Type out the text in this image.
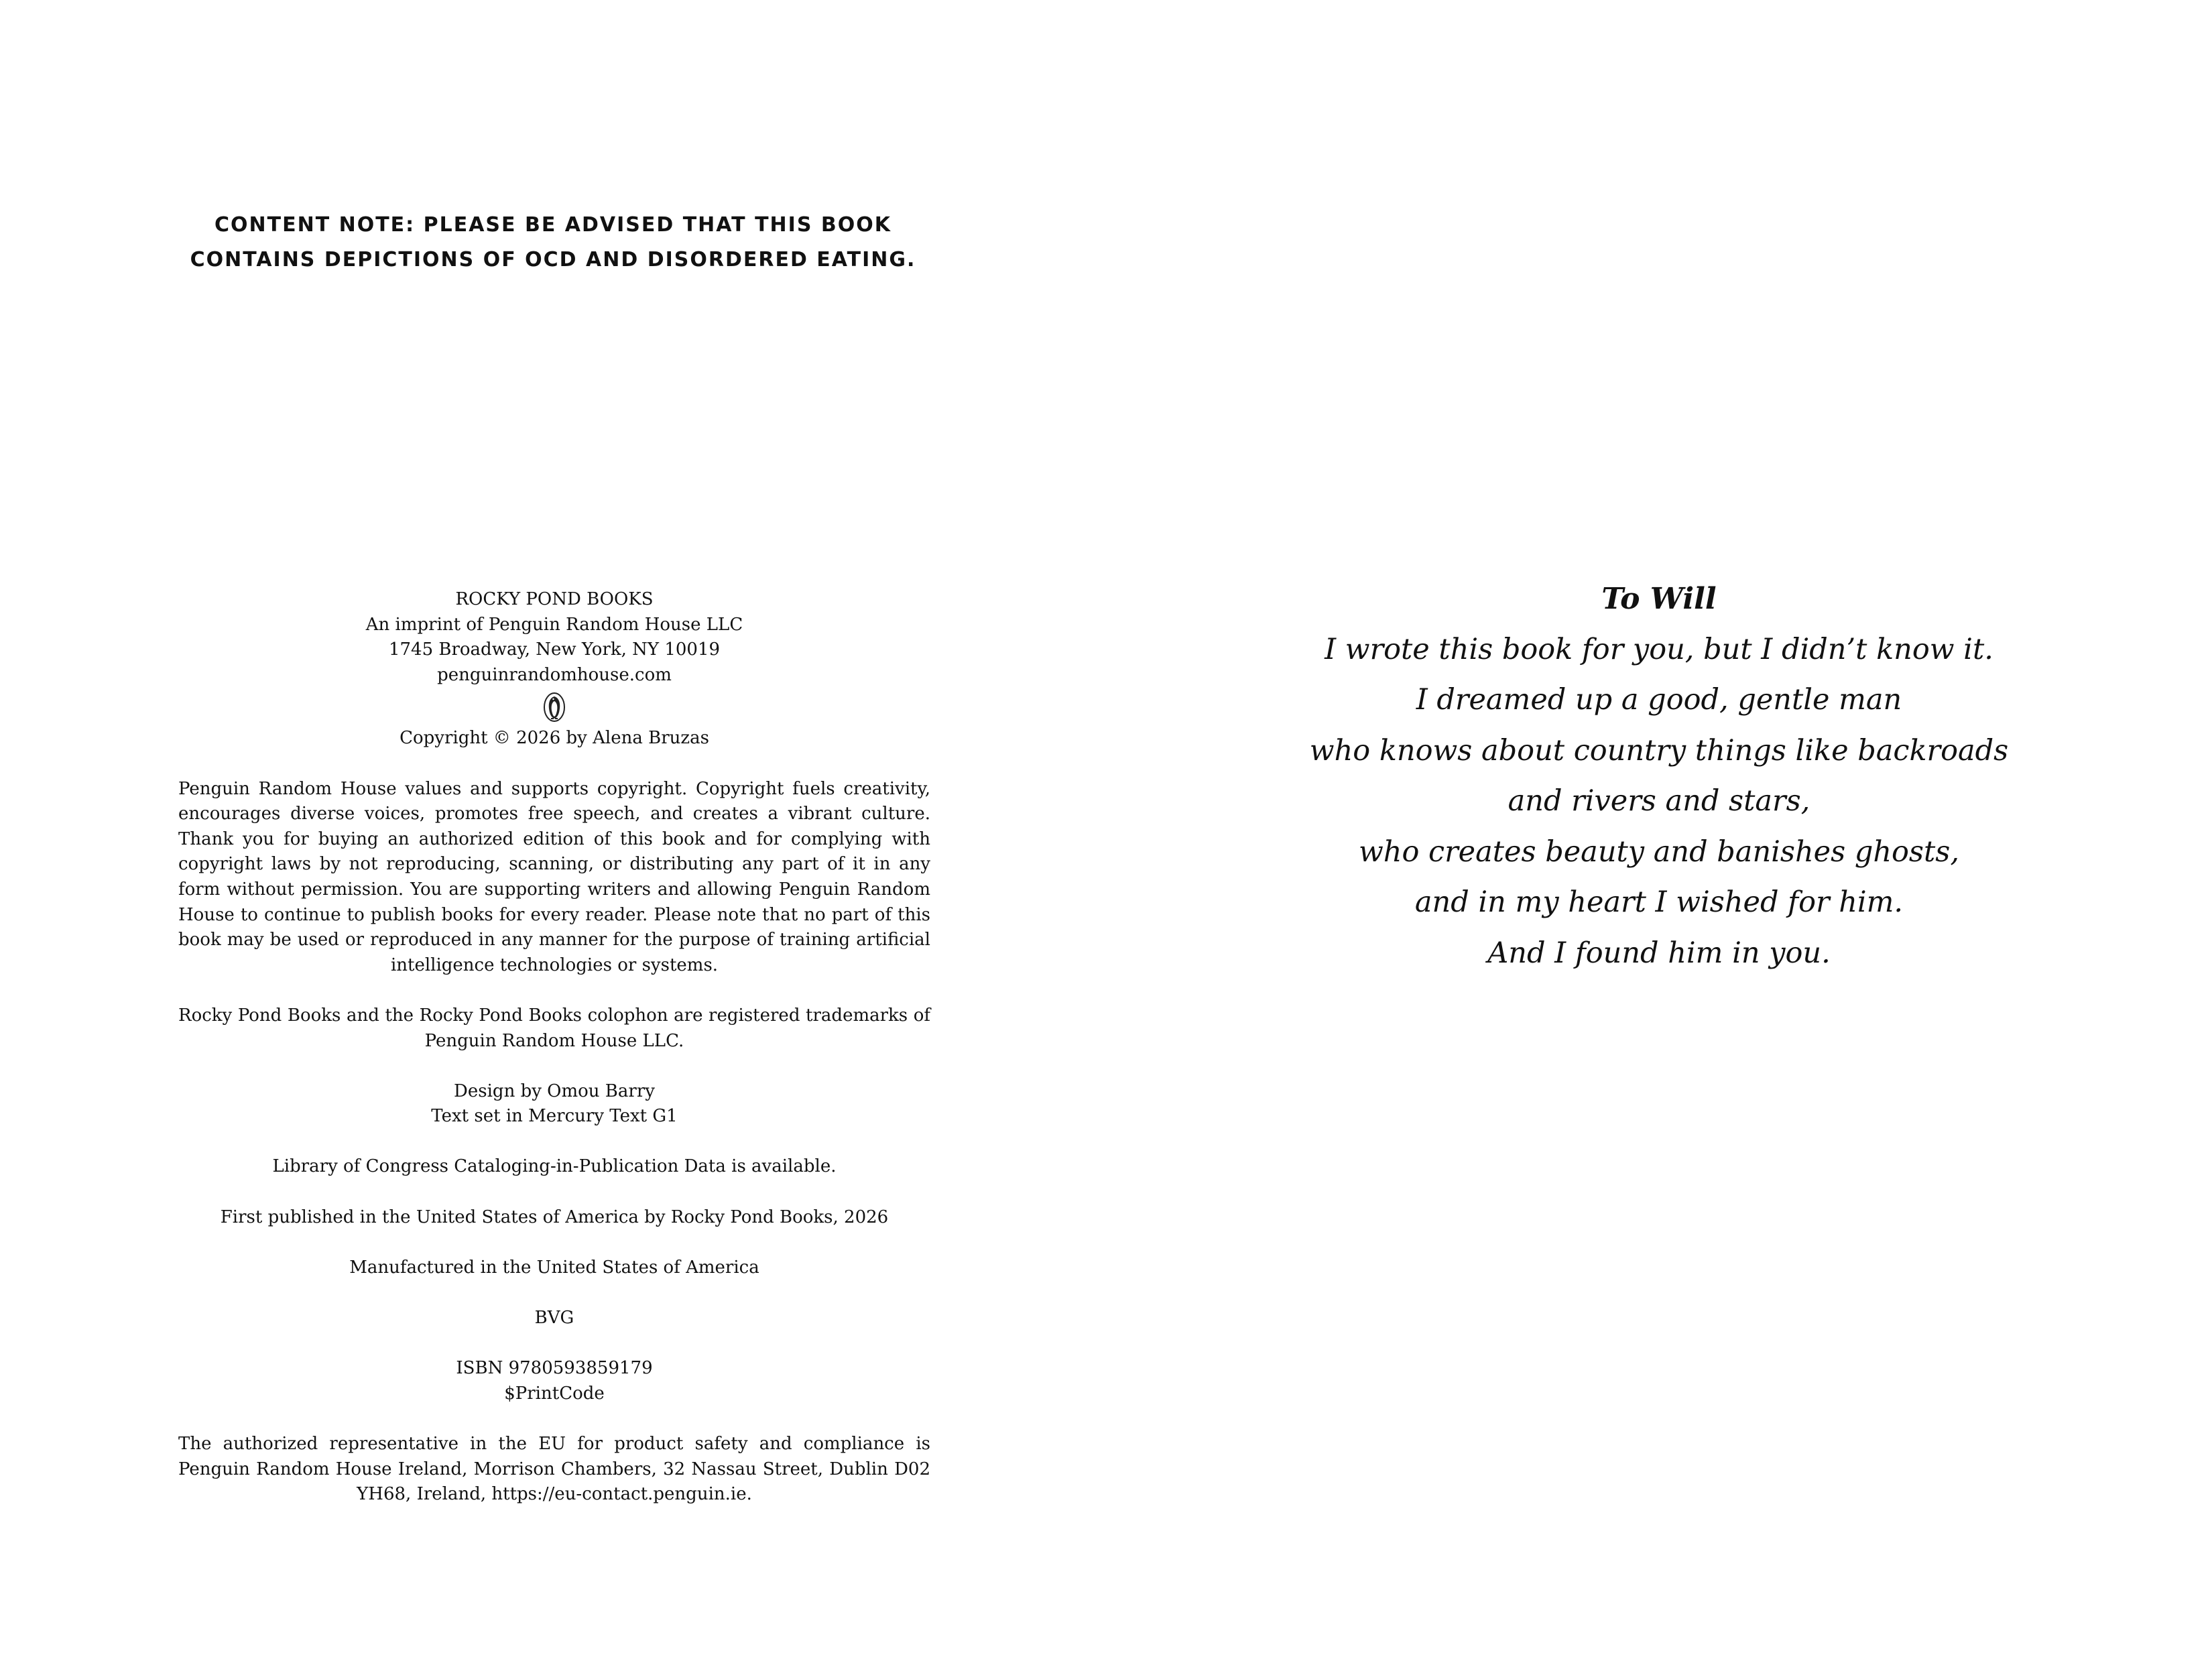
CONTENT NOTE: PLEASE BE ADVISED THAT THIS BOOK
CONTAINS DEPICTIONS OF OCD AND DISORDERED EATING.
ROCKY POND BOOKS
An imprint of Penguin Random House LLC
1745 Broadway, New York, NY 10019
penguinrandomhouse.com
Copyright © 2026 by Alena Bruzas
Penguin Random House values and supports copyright. Copyright fuels creativity, encourages diverse voices, promotes free speech, and creates a vibrant culture. Thank you for buying an authorized edition of this book and for complying with copyright laws by not reproducing, scanning, or distributing any part of it in any form without permission. You are supporting writers and allowing Penguin Random House to continue to publish books for every reader. Please note that no part of this book may be used or reproduced in any manner for the purpose of training artificial intelligence technologies or systems.
Rocky Pond Books and the Rocky Pond Books colophon are registered trademarks of Penguin Random House LLC.
Design by Omou Barry
Text set in Mercury Text G1
Library of Congress Cataloging-in-Publication Data is available.
First published in the United States of America by Rocky Pond Books, 2026
Manufactured in the United States of America
BVG
ISBN 9780593859179
$PrintCode
The authorized representative in the EU for product safety and compliance is Penguin Random House Ireland, Morrison Chambers, 32 Nassau Street, Dublin D02 YH68, Ireland, https://eu-contact.penguin.ie.
To Will
I wrote this book for you, but I didn’t know it.
I dreamed up a good, gentle man
who knows about country things like backroads
and rivers and stars,
who creates beauty and banishes ghosts,
and in my heart I wished for him.
And I found him in you.
